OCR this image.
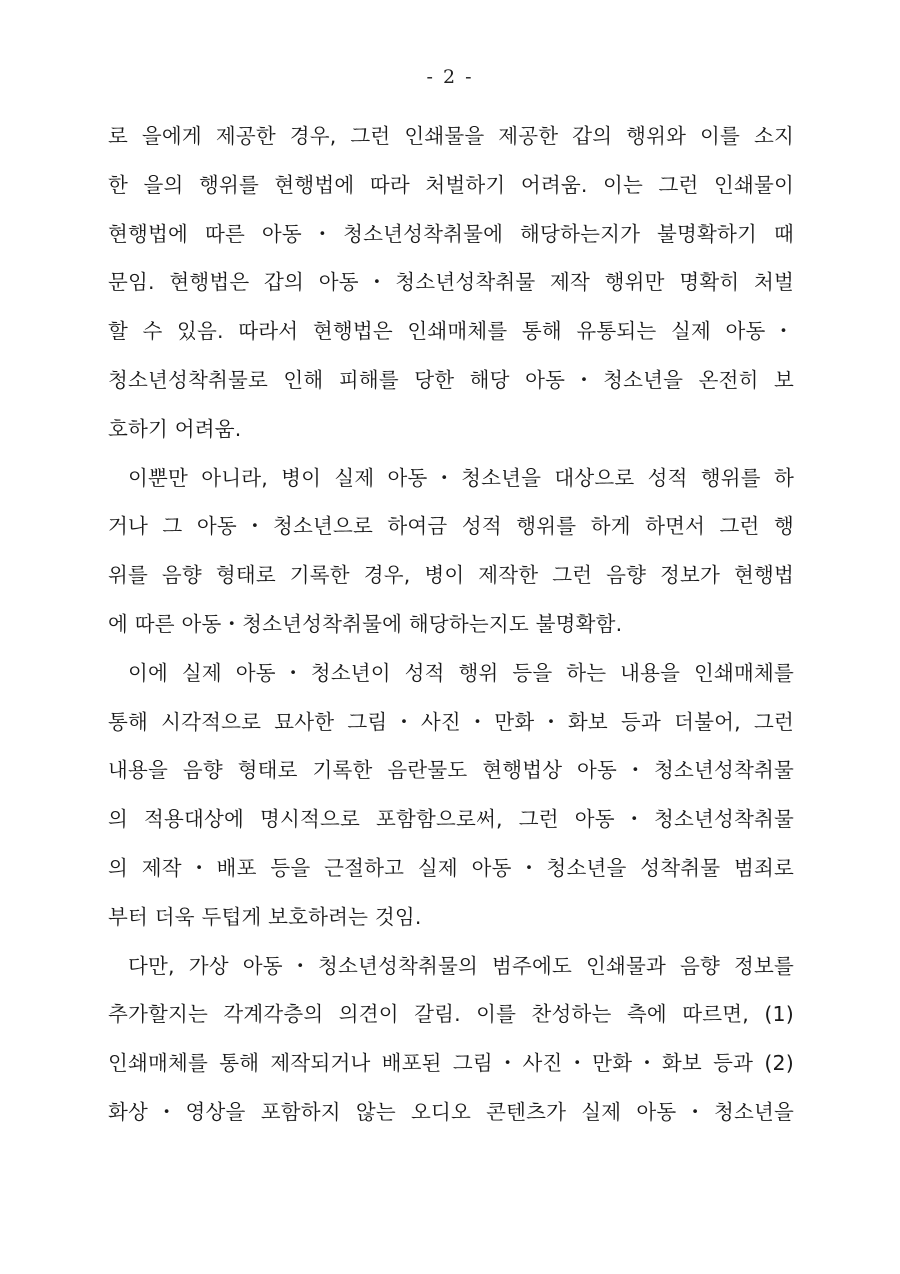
- 2 -
로 을에게 제공한 경우, 그런 인쇄물을 제공한 갑의 행위와 이를 소지
한 을의 행위를 현행법에 따라 처벌하기 어려움. 이는 그런 인쇄물이
현행법에 따른 아동・청소년성착취물에 해당하는지가 불명확하기 때
문임. 현행법은 갑의 아동・청소년성착취물 제작 행위만 명확히 처벌
할 수 있음. 따라서 현행법은 인쇄매체를 통해 유통되는 실제 아동・
청소년성착취물로 인해 피해를 당한 해당 아동・청소년을 온전히 보
호하기 어려움.
이뿐만 아니라, 병이 실제 아동・청소년을 대상으로 성적 행위를 하
거나 그 아동・청소년으로 하여금 성적 행위를 하게 하면서 그런 행
위를 음향 형태로 기록한 경우, 병이 제작한 그런 음향 정보가 현행법
에 따른 아동・청소년성착취물에 해당하는지도 불명확함.
이에 실제 아동・청소년이 성적 행위 등을 하는 내용을 인쇄매체를
통해 시각적으로 묘사한 그림・사진・만화・화보 등과 더불어, 그런
내용을 음향 형태로 기록한 음란물도 현행법상 아동・청소년성착취물
의 적용대상에 명시적으로 포함함으로써, 그런 아동・청소년성착취물
의 제작・배포 등을 근절하고 실제 아동・청소년을 성착취물 범죄로
부터 더욱 두텁게 보호하려는 것임.
다만, 가상 아동・청소년성착취물의 범주에도 인쇄물과 음향 정보를
추가할지는 각계각층의 의견이 갈림. 이를 찬성하는 측에 따르면, (1)
인쇄매체를 통해 제작되거나 배포된 그림・사진・만화・화보 등과 (2)
화상・영상을 포함하지 않는 오디오 콘텐츠가 실제 아동・청소년을
